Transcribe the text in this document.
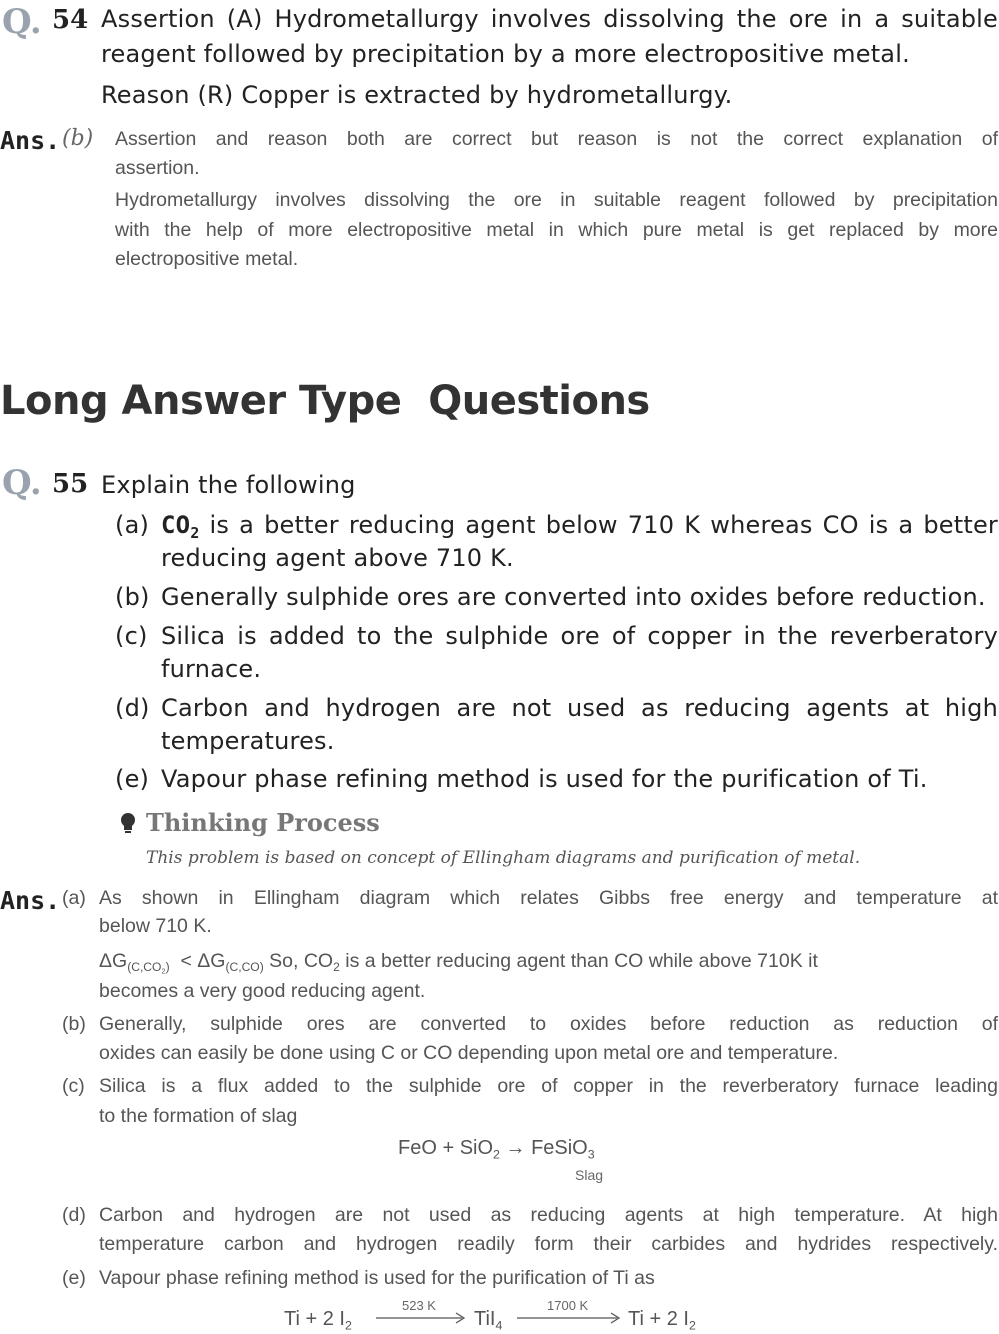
Q. 54 Assertion (A) Hydrometallurgy involves dissolving the ore in a suitable
reagent followed by precipitation by a more electropositive metal.
Reason (R) Copper is extracted by hydrometallurgy.
Ans. (b) Assertion and reason both are correct but reason is not the correct explanation of
assertion.
Hydrometallurgy involves dissolving the ore in suitable reagent followed by precipitation
with the help of more electropositive metal in which pure metal is get replaced by more
electropositive metal.
Long Answer Type  Questions
Q. 55 Explain the following
(a) $CO_2$ is a better reducing agent below 710 K whereas CO is a better
reducing agent above 710 K.
(b) Generally sulphide ores are converted into oxides before reduction.
(c) Silica is added to the sulphide ore of copper in the reverberatory
furnace.
(d) Carbon and hydrogen are not used as reducing agents at high
temperatures.
(e) Vapour phase refining method is used for the purification of Ti.
Thinking Process
This problem is based on concept of Ellingham diagrams and purification of metal.
Ans. (a) As shown in Ellingham diagram which relates Gibbs free energy and temperature at
below 710 K.
$\Delta G_{(C,CO_2)} < \Delta G_{(C,CO)}$ So, $CO_2$ is a better reducing agent than CO while above 710K it
becomes a very good reducing agent.
(b) Generally, sulphide ores are converted to oxides before reduction as reduction of
oxides can easily be done using C or CO depending upon metal ore and temperature.
(c) Silica is a flux added to the sulphide ore of copper in the reverberatory furnace leading
to the formation of slag
FeO + SiO$_2$ → FeSiO$_3$
Slag
(d) Carbon and hydrogen are not used as reducing agents at high temperature. At high
temperature carbon and hydrogen readily form their carbides and hydrides respectively.
(e) Vapour phase refining method is used for the purification of Ti as
Ti + 2 $I_2$
523 K
TiI$_4$
1700 K
Ti + 2 $I_2$
